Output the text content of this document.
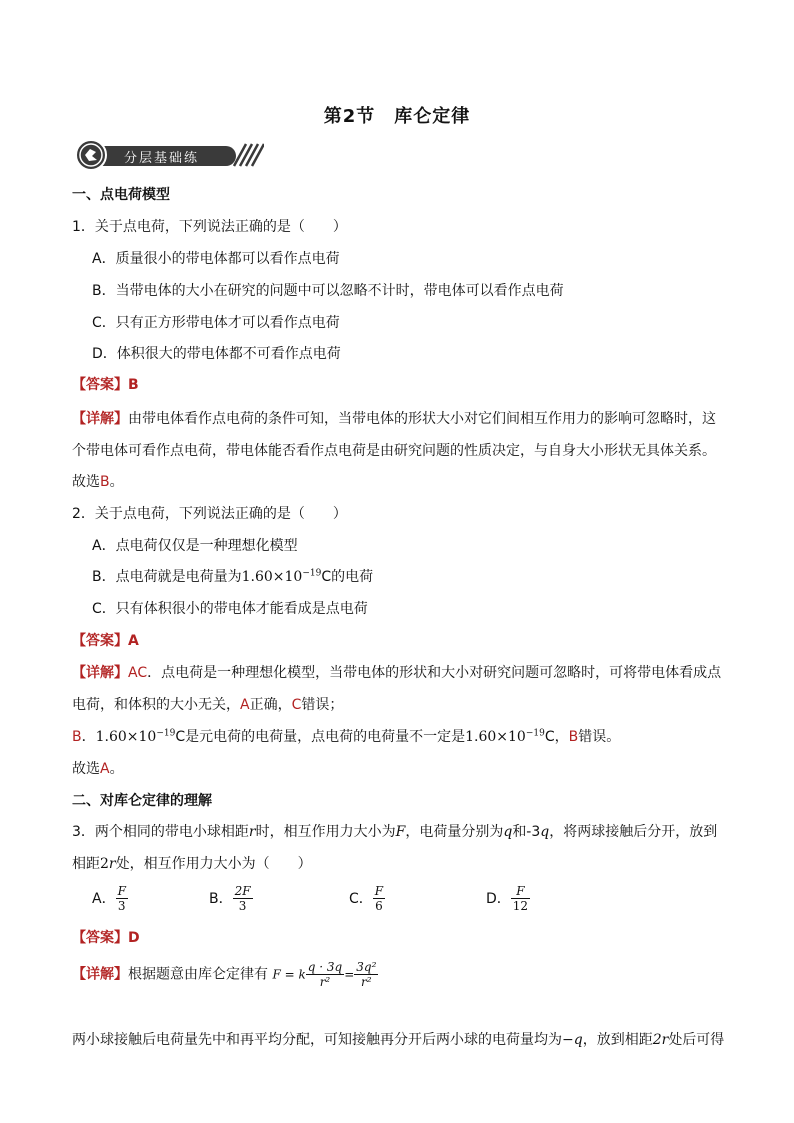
第2节　库仑定律
分层基础练
一、点电荷模型
1．关于点电荷，下列说法正确的是（　　）
A．质量很小的带电体都可以看作点电荷
B．当带电体的大小在研究的问题中可以忽略不计时，带电体可以看作点电荷
C．只有正方形带电体才可以看作点电荷
D．体积很大的带电体都不可看作点电荷
【答案】B
【详解】由带电体看作点电荷的条件可知，当带电体的形状大小对它们间相互作用力的影响可忽略时，这
个带电体可看作点电荷，带电体能否看作点电荷是由研究问题的性质决定，与自身大小形状无具体关系。
故选B。
2．关于点电荷，下列说法正确的是（　　）
A．点电荷仅仅是一种理想化模型
B．点电荷就是电荷量为$1.60\times 10^{-19}C$的电荷
C．只有体积很小的带电体才能看成是点电荷
【答案】A
【详解】AC．点电荷是一种理想化模型，当带电体的形状和大小对研究问题可忽略时，可将带电体看成点
电荷，和体积的大小无关，A正确，C错误；
B．$1.60\times 10^{-19}C$是元电荷的电荷量，点电荷的电荷量不一定是$1.60\times 10^{-19}C$，B错误。
故选A。
二、对库仑定律的理解
3．两个相同的带电小球相距r时，相互作用力大小为F，电荷量分别为q和-3q，将两球接触后分开，放到
相距2r处，相互作用力大小为（　　）
A． $\frac{F}{3}$	B． $\frac{2F}{3}$	C． $\frac{F}{6}$	D． $\frac{F}{12}$
【答案】D
【详解】根据题意由库仑定律有 F = k $\frac{q \cdot 3q}{\text{r²}} = \frac{\text{3q²}}{\text{r²}}$
两小球接触后电荷量先中和再平均分配，可知接触再分开后两小球的电荷量均为−q，放到相距2r处后可得
